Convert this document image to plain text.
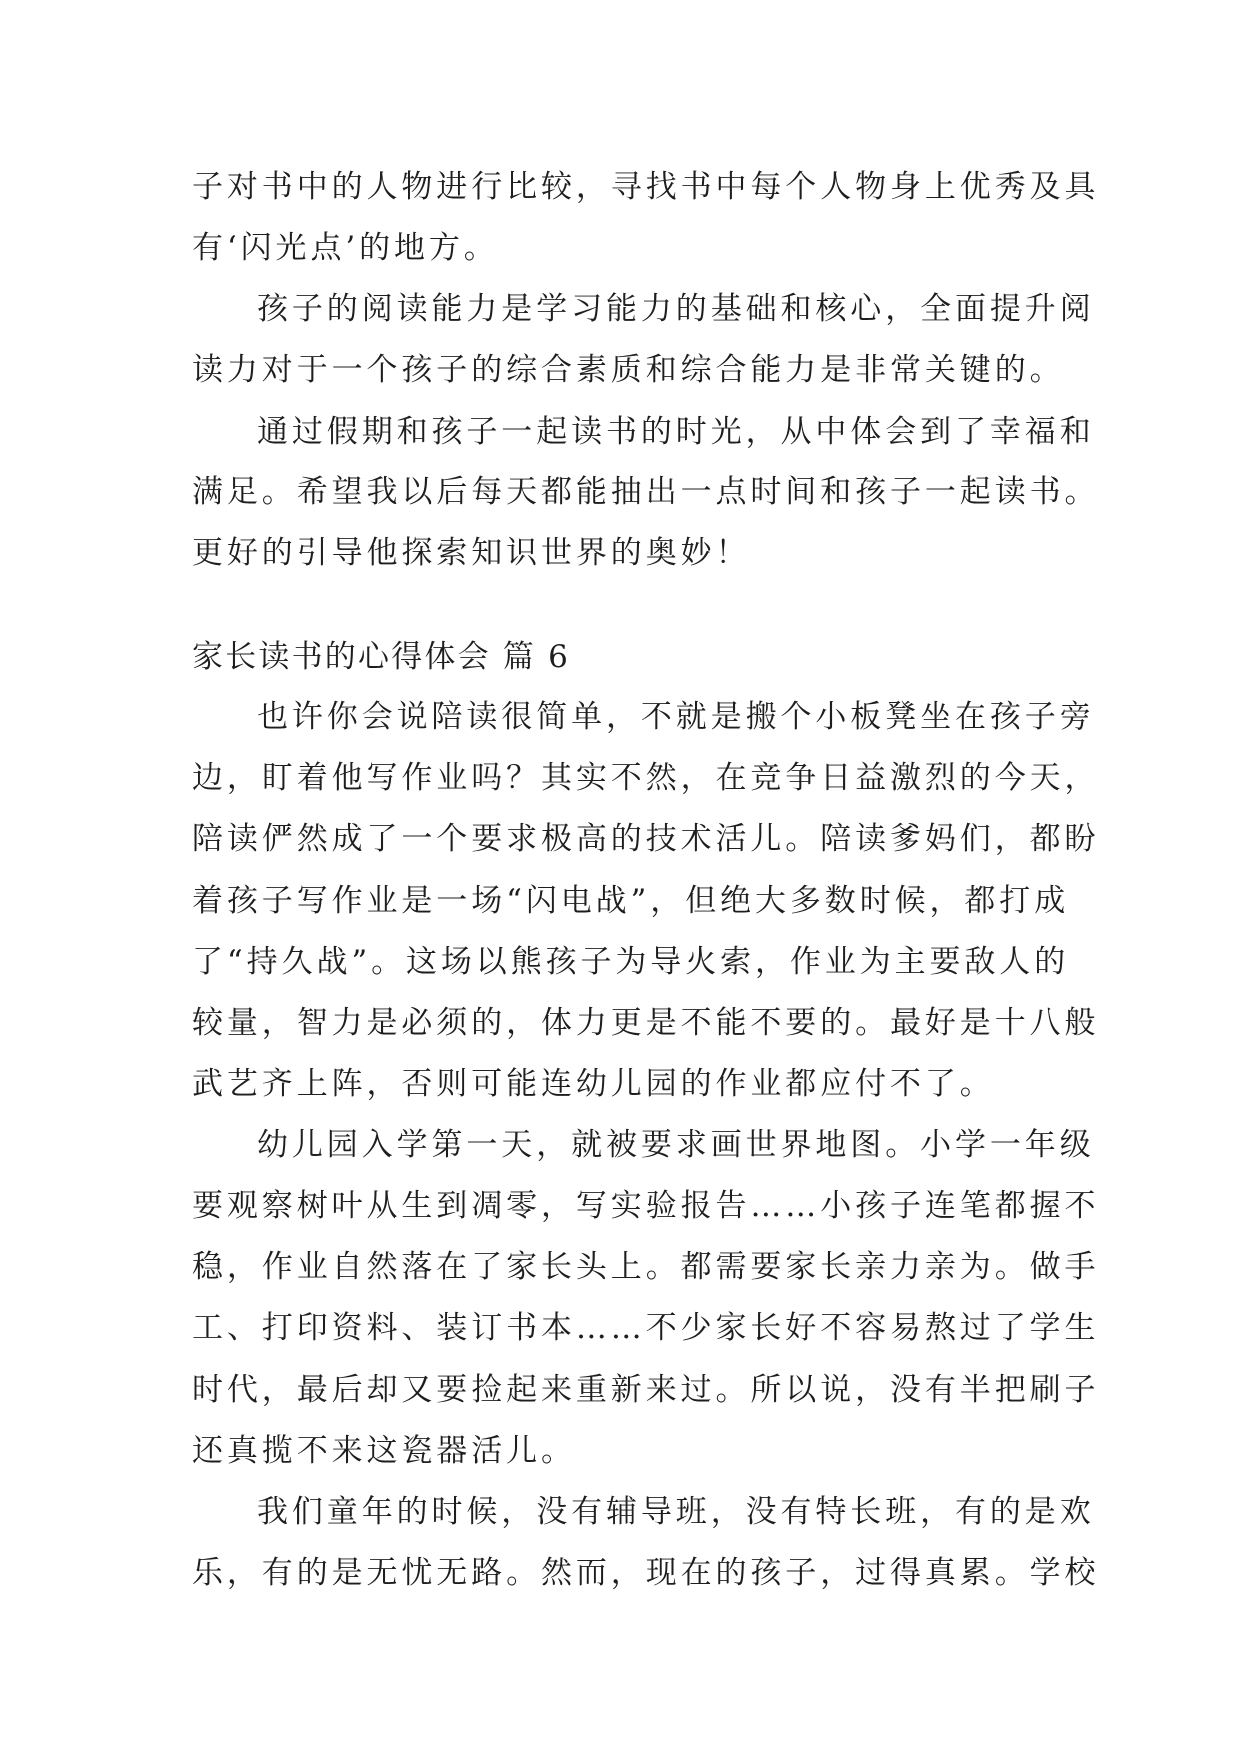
子对书中的人物进行比较，寻找书中每个人物身上优秀及具
有‘闪光点’的地方。
孩子的阅读能力是学习能力的基础和核心，全面提升阅
读力对于一个孩子的综合素质和综合能力是非常关键的。
通过假期和孩子一起读书的时光，从中体会到了幸福和
满足。希望我以后每天都能抽出一点时间和孩子一起读书。
更好的引导他探索知识世界的奥妙！
家长读书的心得体会 篇 6
也许你会说陪读很简单，不就是搬个小板凳坐在孩子旁
边，盯着他写作业吗？其实不然，在竞争日益激烈的今天，
陪读俨然成了一个要求极高的技术活儿。陪读爹妈们，都盼
着孩子写作业是一场“闪电战”，但绝大多数时候，都打成
了“持久战”。这场以熊孩子为导火索，作业为主要敌人的
较量，智力是必须的，体力更是不能不要的。最好是十八般
武艺齐上阵，否则可能连幼儿园的作业都应付不了。
幼儿园入学第一天，就被要求画世界地图。小学一年级
要观察树叶从生到凋零，写实验报告……小孩子连笔都握不
稳，作业自然落在了家长头上。都需要家长亲力亲为。做手
工、打印资料、装订书本……不少家长好不容易熬过了学生
时代，最后却又要捡起来重新来过。所以说，没有半把刷子
还真揽不来这瓷器活儿。
我们童年的时候，没有辅导班，没有特长班，有的是欢
乐，有的是无忧无路。然而，现在的孩子，过得真累。学校
